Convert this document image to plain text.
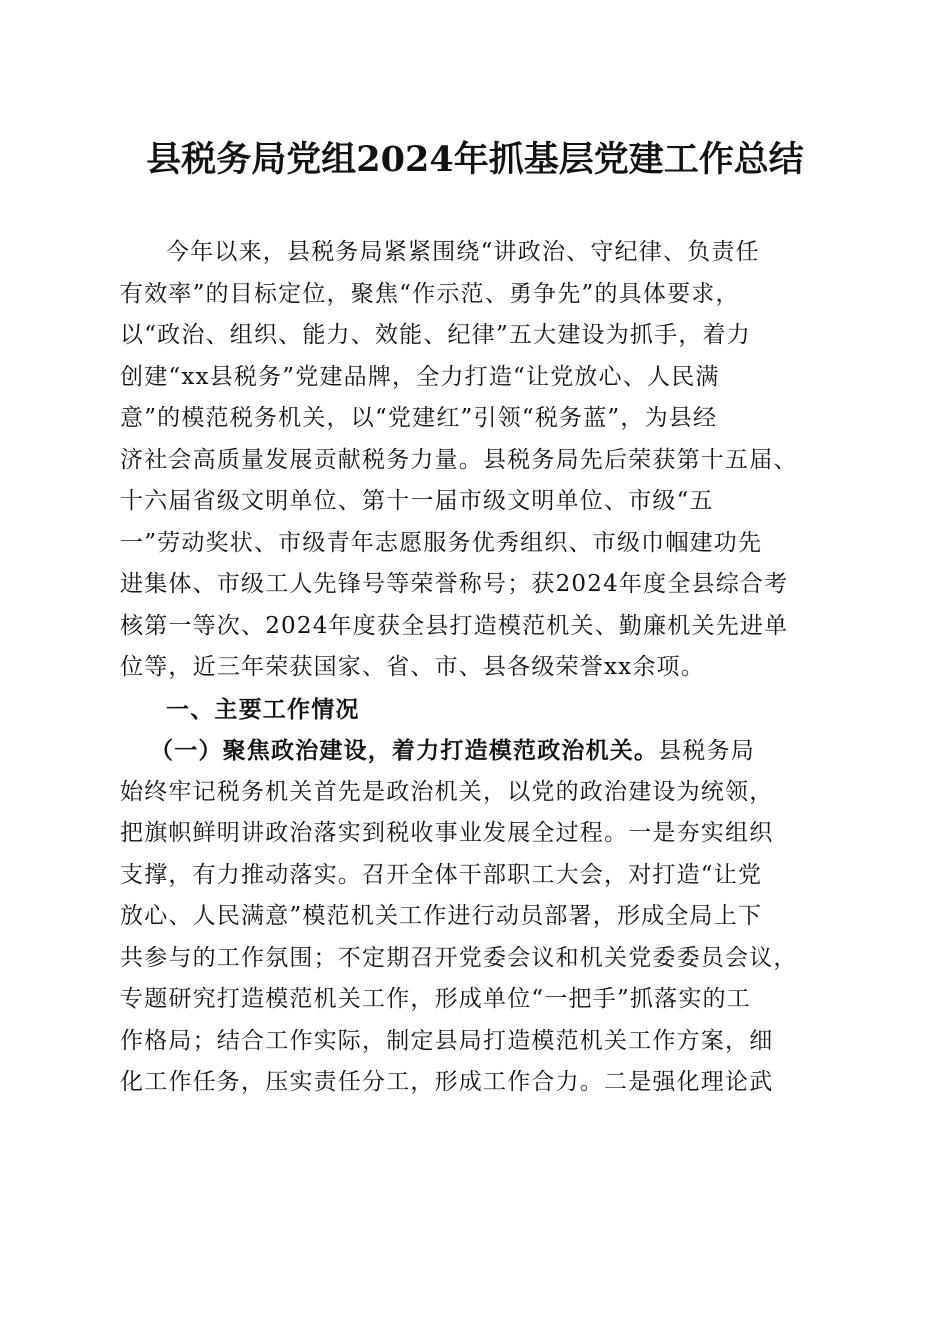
县税务局党组2024年抓基层党建工作总结
今年以来，县税务局紧紧围绕“讲政治、守纪律、负责任
有效率”的目标定位，聚焦“作示范、勇争先”的具体要求，
以“政治、组织、能力、效能、纪律”五大建设为抓手，着力
创建“xx县税务”党建品牌，全力打造“让党放心、人民满
意”的模范税务机关，以“党建红”引领“税务蓝”，为县经
济社会高质量发展贡献税务力量。县税务局先后荣获第十五届、
十六届省级文明单位、第十一届市级文明单位、市级“五
一”劳动奖状、市级青年志愿服务优秀组织、市级巾帼建功先
进集体、市级工人先锋号等荣誉称号；获2024年度全县综合考
核第一等次、2024年度获全县打造模范机关、勤廉机关先进单
位等，近三年荣获国家、省、市、县各级荣誉xx余项。
一、主要工作情况
（一）聚焦政治建设，着力打造模范政治机关。县税务局
始终牢记税务机关首先是政治机关，以党的政治建设为统领，
把旗帜鲜明讲政治落实到税收事业发展全过程。一是夯实组织
支撑，有力推动落实。召开全体干部职工大会，对打造“让党
放心、人民满意”模范机关工作进行动员部署，形成全局上下
共参与的工作氛围；不定期召开党委会议和机关党委委员会议，
专题研究打造模范机关工作，形成单位“一把手”抓落实的工
作格局；结合工作实际，制定县局打造模范机关工作方案，细
化工作任务，压实责任分工，形成工作合力。二是强化理论武
